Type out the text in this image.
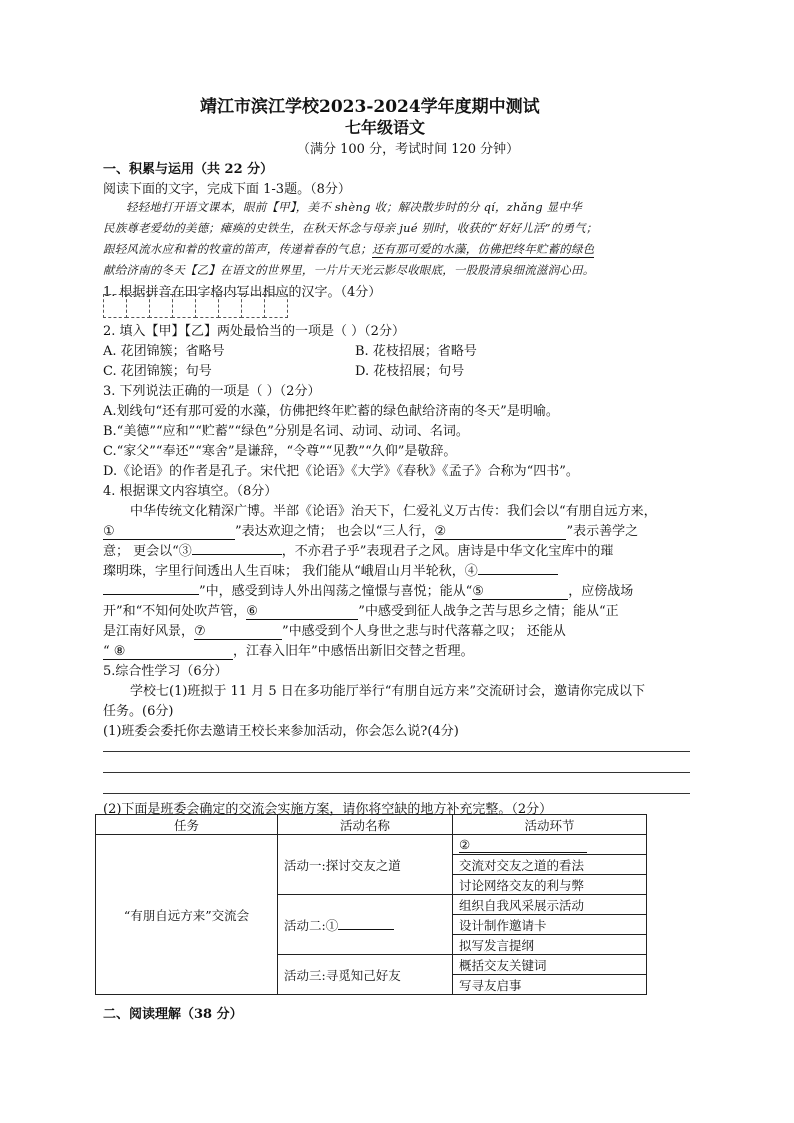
靖江市滨江学校2023-2024学年度期中测试
七年级语文
（满分 100 分，考试时间 120 分钟）
一、积累与运用（共 22 分）
阅读下面的文字，完成下面 1-3题。（8分）
轻轻地打开语文课本，眼前【甲】，美不 shèng 收；解决散步时的分 qí，zhǎng 显中华
民族尊老爱幼的美德；瘫痪的史铁生，在秋天怀念与母亲 jué 别时，收获的“好好儿活”的勇气；
跟轻风流水应和着的牧童的笛声，传递着春的气息；还有那可爱的水藻，仿佛把终年贮蓄的绿色
献给济南的冬天【乙】在语文的世界里，一片片天光云影尽收眼底，一股股清泉细流滋润心田。
1. 根据拼音在田字格内写出相应的汉字。（4分）
2. 填入【甲】【乙】两处最恰当的一项是（ ）（2分）
A. 花团锦簇；省略号	B. 花枝招展；省略号
C. 花团锦簇；句号	D. 花枝招展；句号
3. 下列说法正确的一项是（ ）（2分）
A.划线句“还有那可爱的水藻，仿佛把终年贮蓄的绿色献给济南的冬天”是明喻。
B.“美德”“应和”“贮蓄”“绿色”分别是名词、动词、动词、名词。
C.“家父”“奉还”“寒舍”是谦辞，“令尊”“见教”“久仰”是敬辞。
D.《论语》的作者是孔子。宋代把《论语》《大学》《春秋》《孟子》合称为“四书”。
4. 根据课文内容填空。（8分）
中华传统文化精深广博。半部《论语》治天下，仁爱礼义万古传：我们会以“有朋自远方来，
①	”表达欢迎之情； 也会以“三人行，②	”表示善学之
意； 更会以“③	，不亦君子乎”表现君子之风。唐诗是中华文化宝库中的璀
璨明珠，字里行间透出人生百味； 我们能从“峨眉山月半轮秋，④
”中，感受到诗人外出闯荡之憧憬与喜悦；能从“⑤	，应傍战场
开”和“不知何处吹芦管，⑥	”中感受到征人战争之苦与思乡之情；能从“正
是江南好风景，⑦	”中感受到个人身世之悲与时代落幕之叹； 还能从
“ ⑧	，江春入旧年”中感悟出新旧交替之哲理。
5.综合性学习（6分）
学校七(1)班拟于 11 月 5 日在多功能厅举行“有朋自远方来”交流研讨会，邀请你完成以下
任务。(6分)
(1)班委会委托你去邀请王校长来参加活动，你会怎么说?(4分)
(2)下面是班委会确定的交流会实施方案，请你将空缺的地方补充完整。（2分）
任务	活动名称	活动环节
“有朋自远方来”交流会	活动一:探讨交友之道	②
		交流对交友之道的看法
		讨论网络交友的利与弊
	活动二:①	组织自我风采展示活动
		设计制作邀请卡
		拟写发言提纲
	活动三:寻觅知己好友	概括交友关键词
		写寻友启事
二、阅读理解（38 分）
